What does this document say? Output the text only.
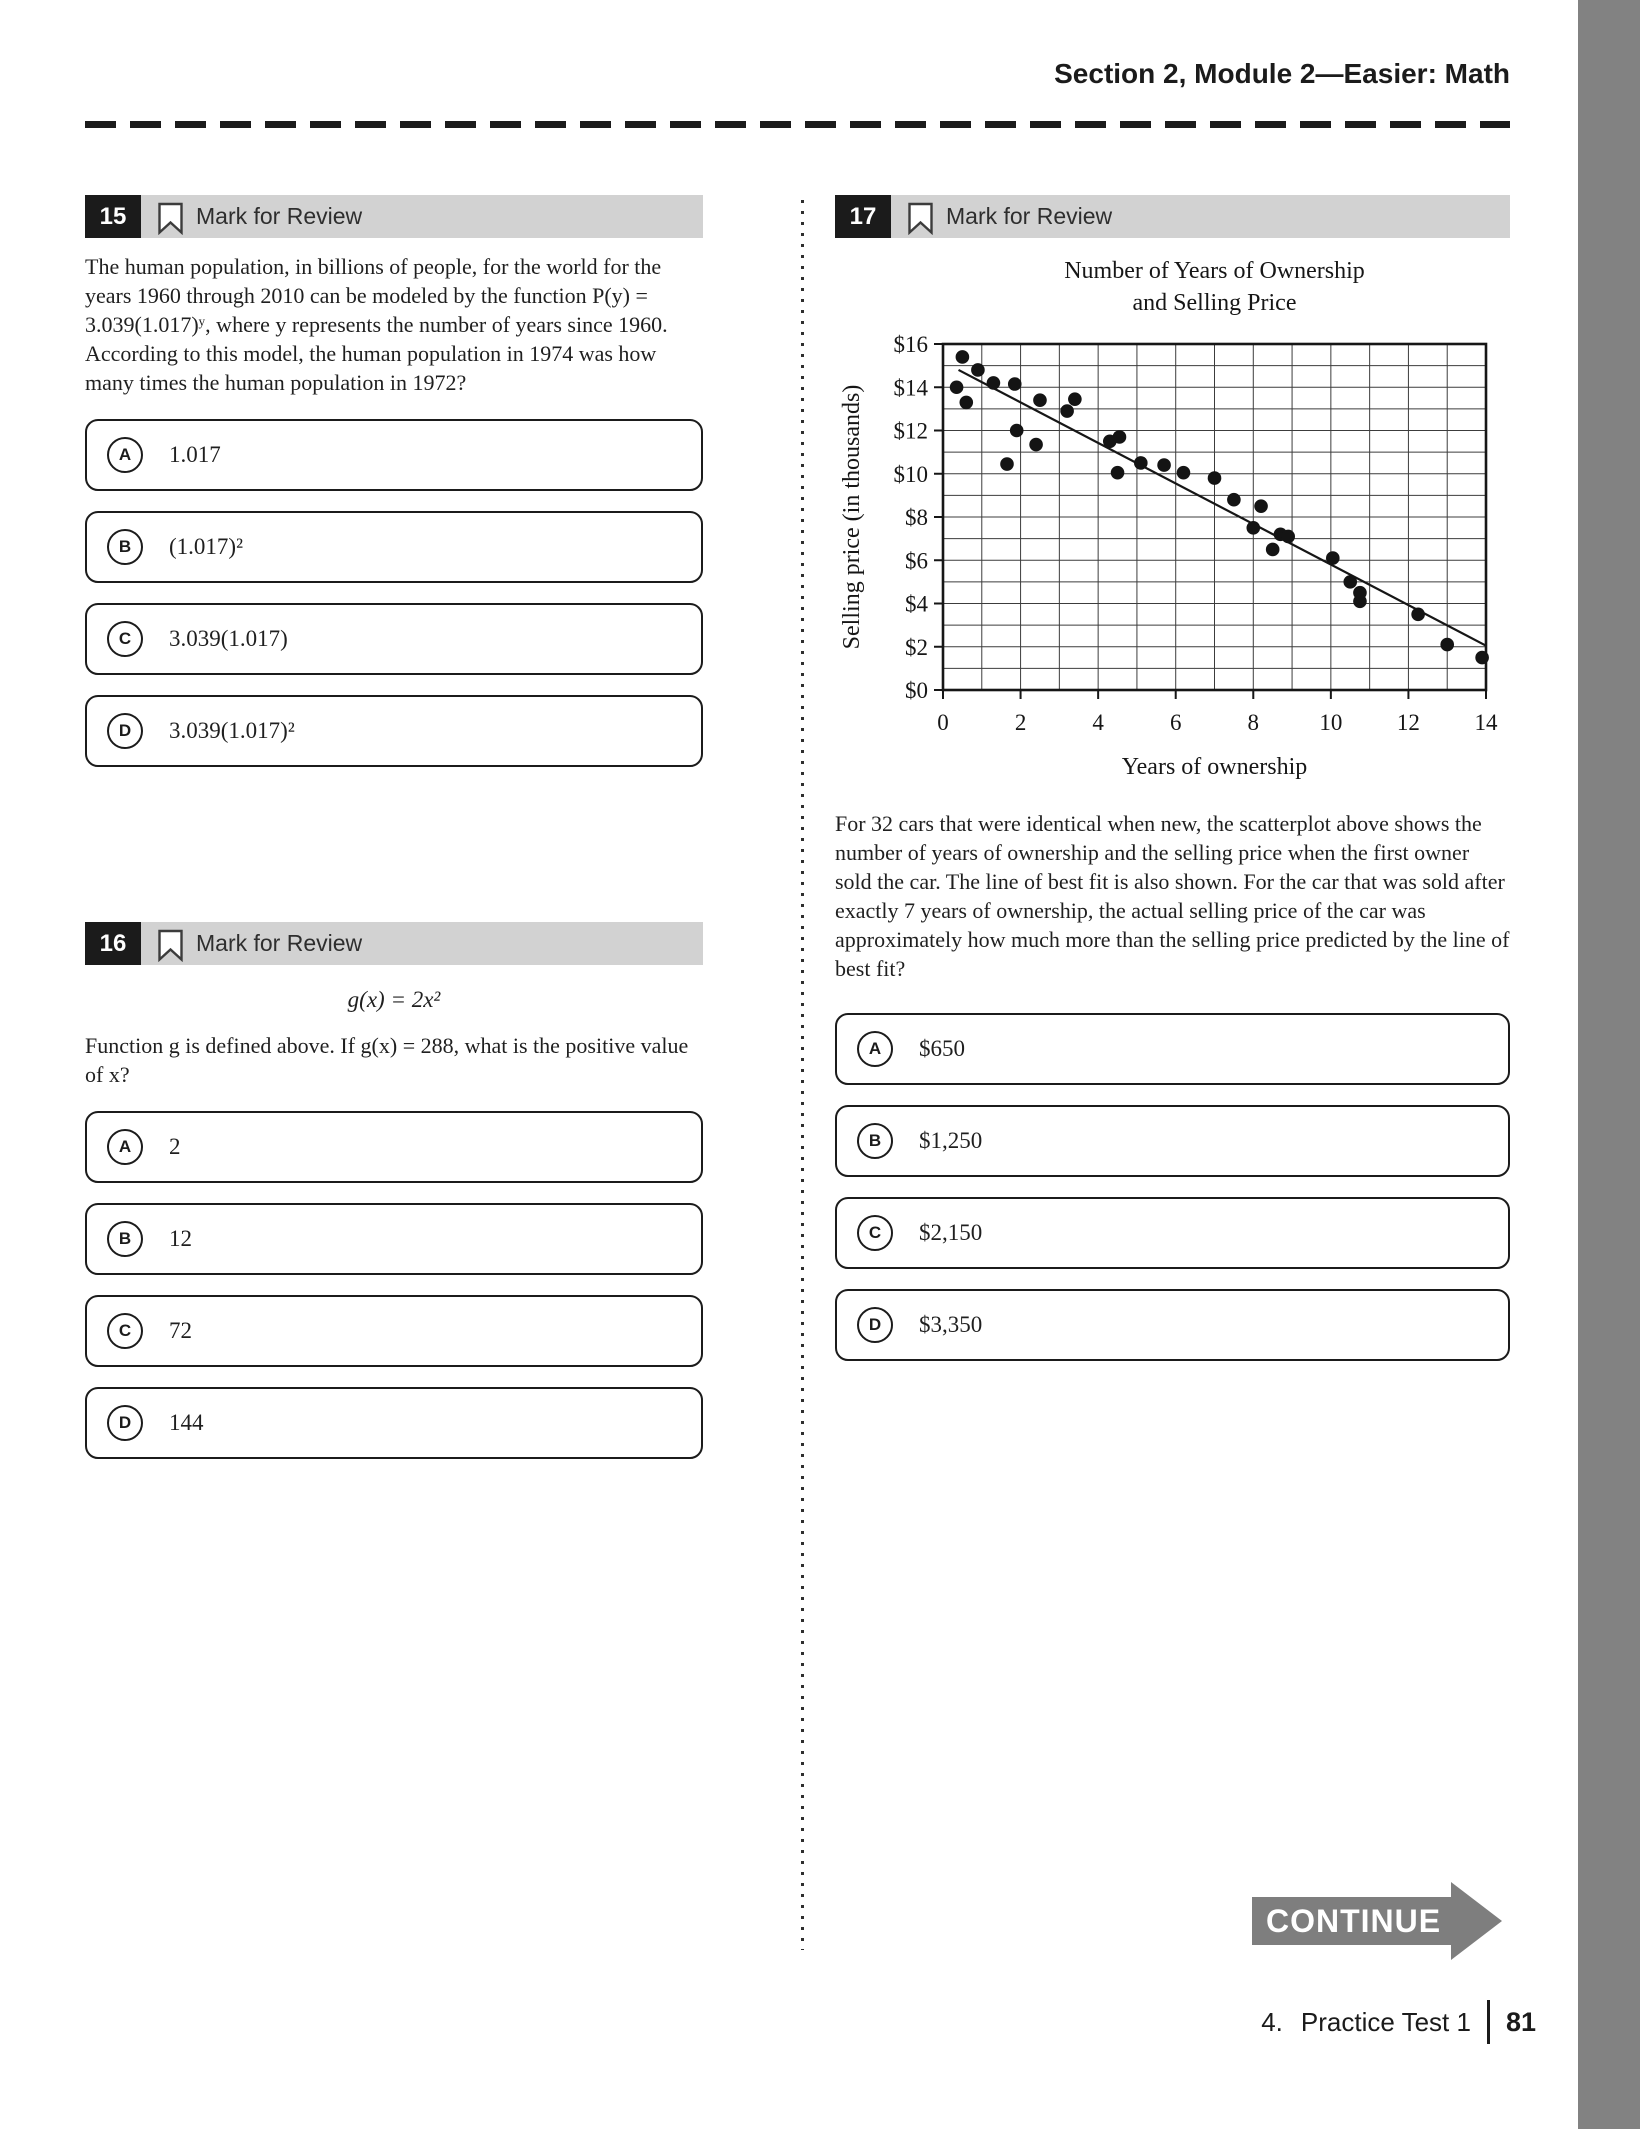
Section 2, Module 2—Easier: Math
15	Mark for Review

The human population, in billions of people, for the world for the years 1960 through 2010 can be modeled by the function P(y) = 3.039(1.017)ʸ, where y represents the number of years since 1960. According to this model, the human population in 1974 was how many times the human population in 1972?

A	1.017
B	(1.017)²
C	3.039(1.017)
D	3.039(1.017)²
16	Mark for Review

g(x) = 2x²

Function g is defined above. If g(x) = 288, what is the positive value of x?

A	2
B	12
C	72
D	144
17	Mark for Review
0	2	4	6	8	10 12 14
$0
$2
$4
$6
$8
$10
$12
$14
$16
Number of Years of Ownership
and Selling Price
Years of ownership
Selling price (in thousands)

For 32 cars that were identical when new, the scatterplot above shows the number of years of ownership and the selling price when the first owner sold the car. The line of best fit is also shown. For the car that was sold after exactly 7 years of ownership, the actual selling price of the car was approximately how much more than the selling price predicted by the line of best fit?

A	$650
B	$1,250
C	$2,150
D	$3,350
CONTINUE
4. Practice Test 1 81
